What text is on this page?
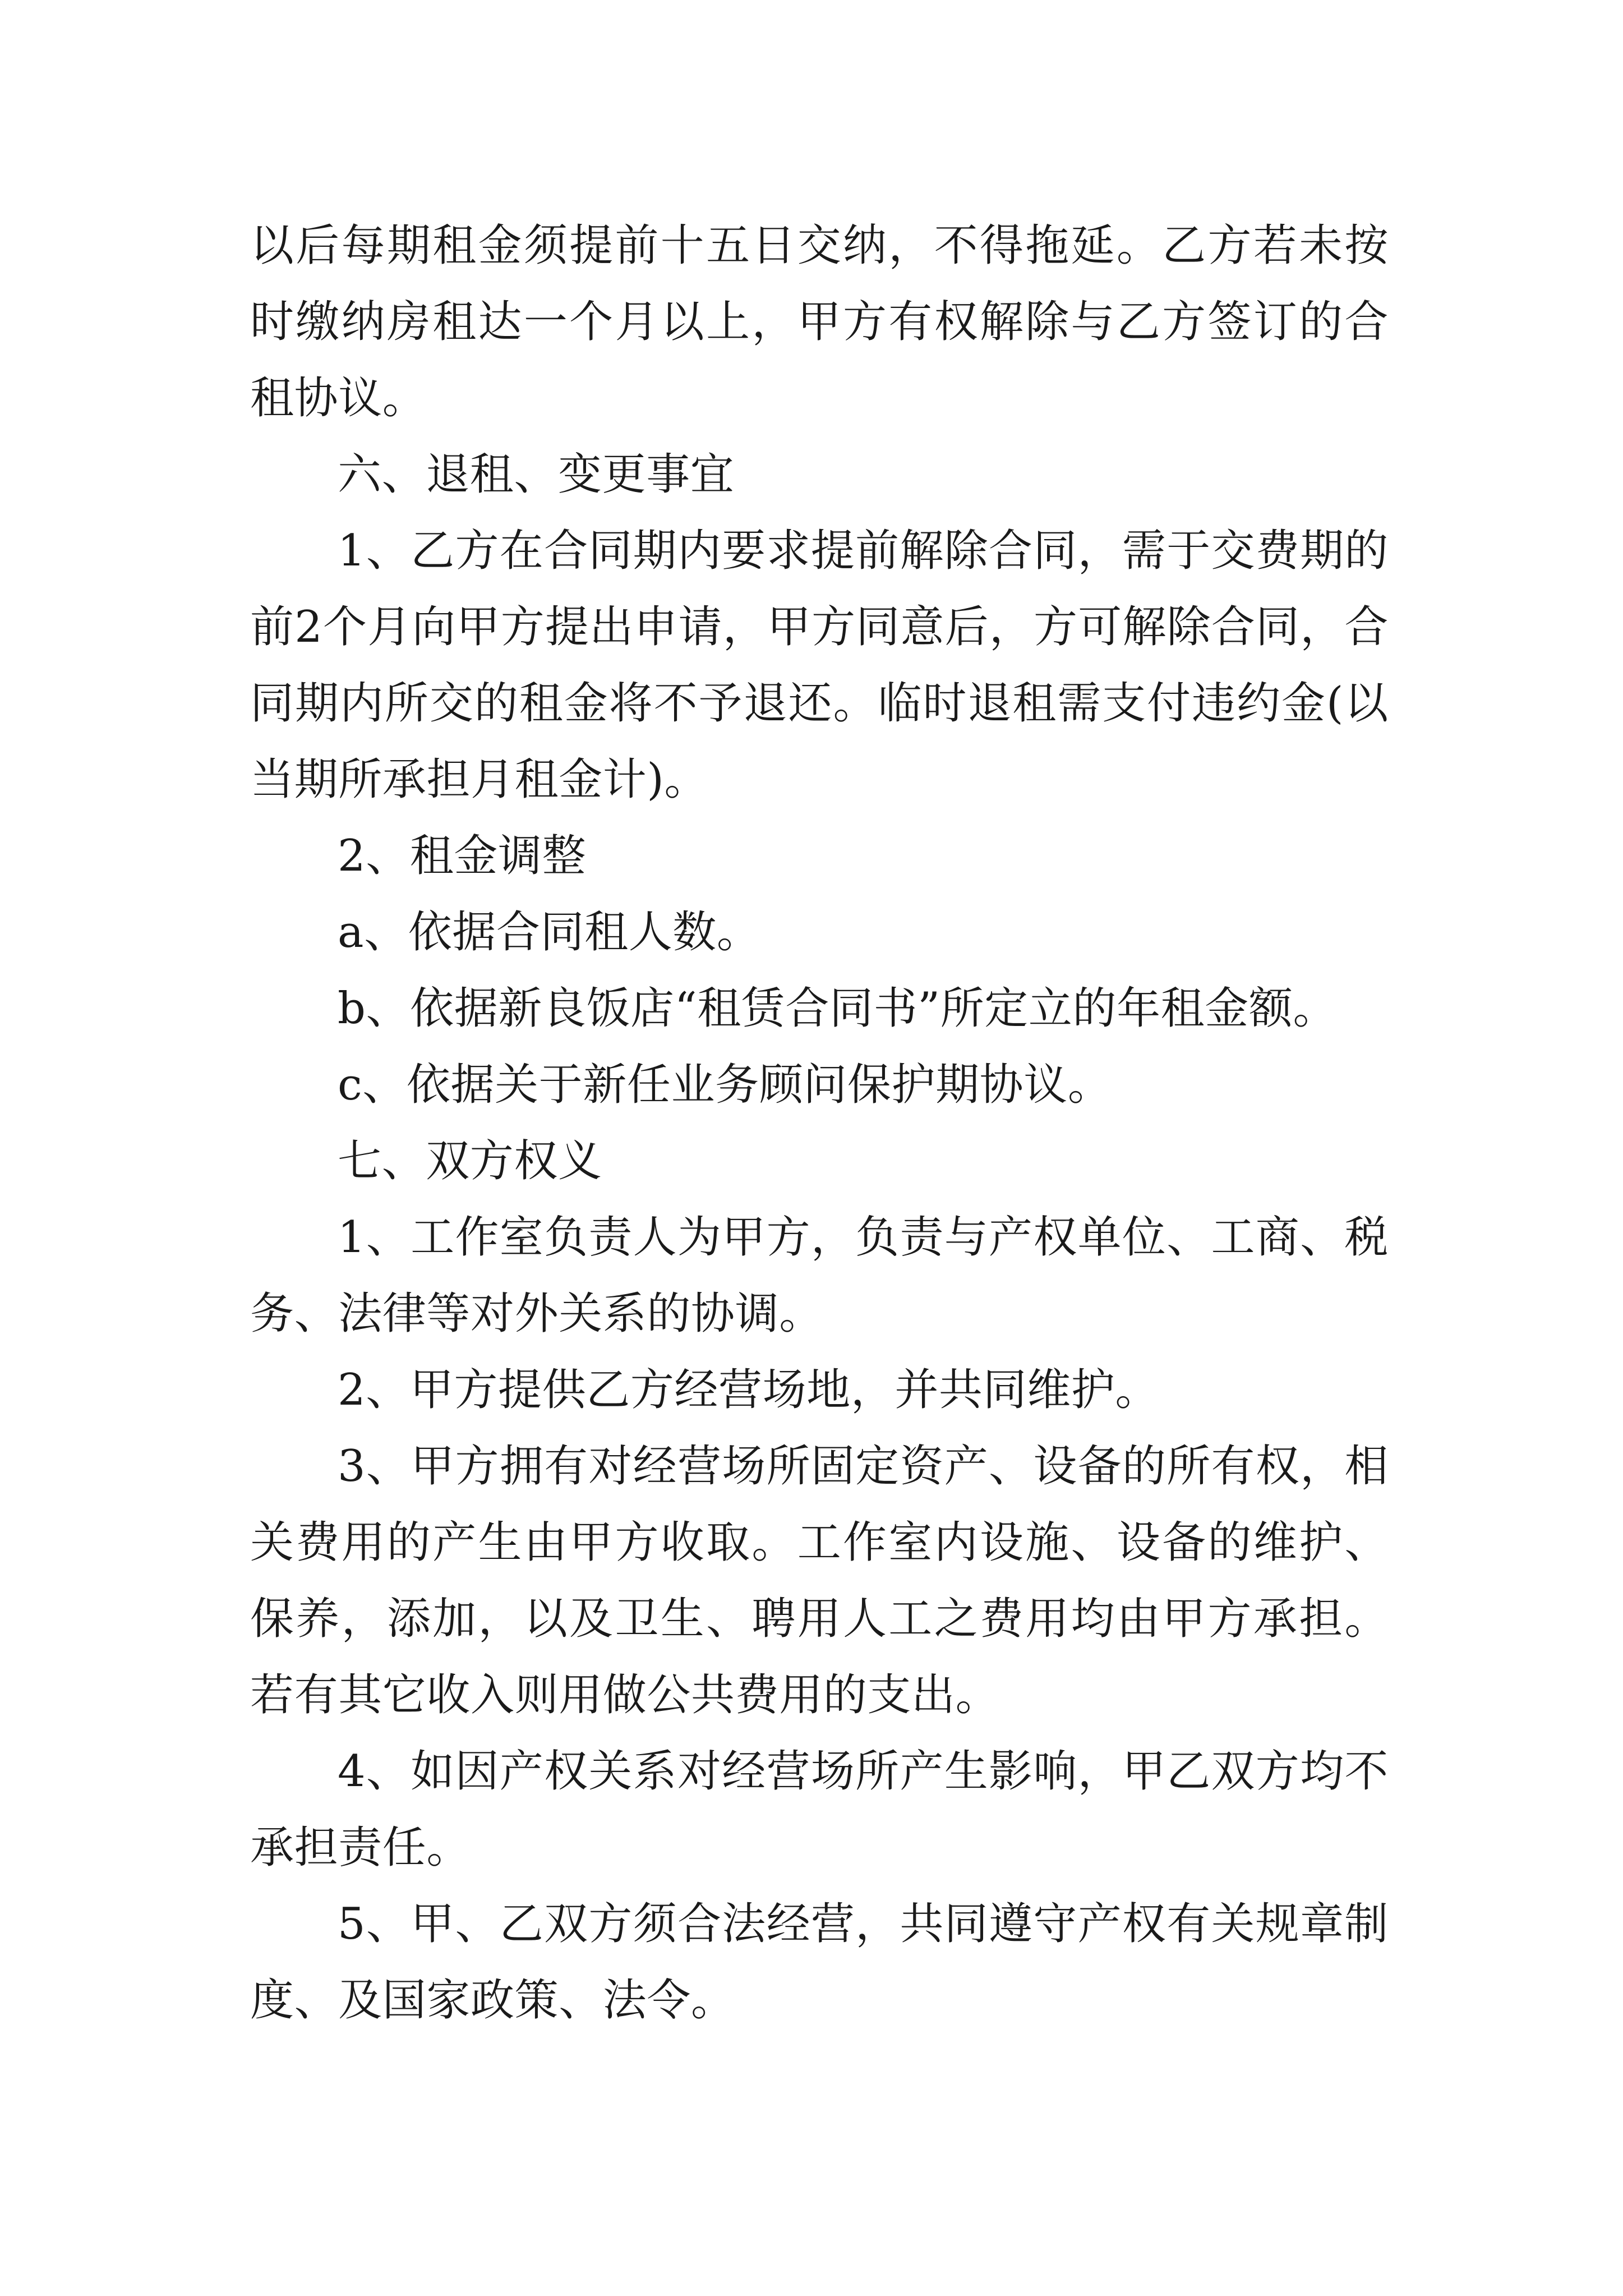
以后每期租金须提前十五日交纳，不得拖延。乙方若未按时缴纳房租达一个月以上，甲方有权解除与乙方签订的合租协议。

六、退租、变更事宜

1、乙方在合同期内要求提前解除合同，需于交费期的前2个月向甲方提出申请，甲方同意后，方可解除合同，合同期内所交的租金将不予退还。临时退租需支付违约金(以当期所承担月租金计)。

2、租金调整

a、依据合同租人数。

b、依据新良饭店“租赁合同书”所定立的年租金额。

c、依据关于新任业务顾问保护期协议。

七、双方权义

1、工作室负责人为甲方，负责与产权单位、工商、税务、法律等对外关系的协调。

2、甲方提供乙方经营场地，并共同维护。

3、甲方拥有对经营场所固定资产、设备的所有权，相关费用的产生由甲方收取。工作室内设施、设备的维护、保养，添加，以及卫生、聘用人工之费用均由甲方承担。若有其它收入则用做公共费用的支出。

4、如因产权关系对经营场所产生影响，甲乙双方均不承担责任。

5、甲、乙双方须合法经营，共同遵守产权有关规章制度、及国家政策、法令。
